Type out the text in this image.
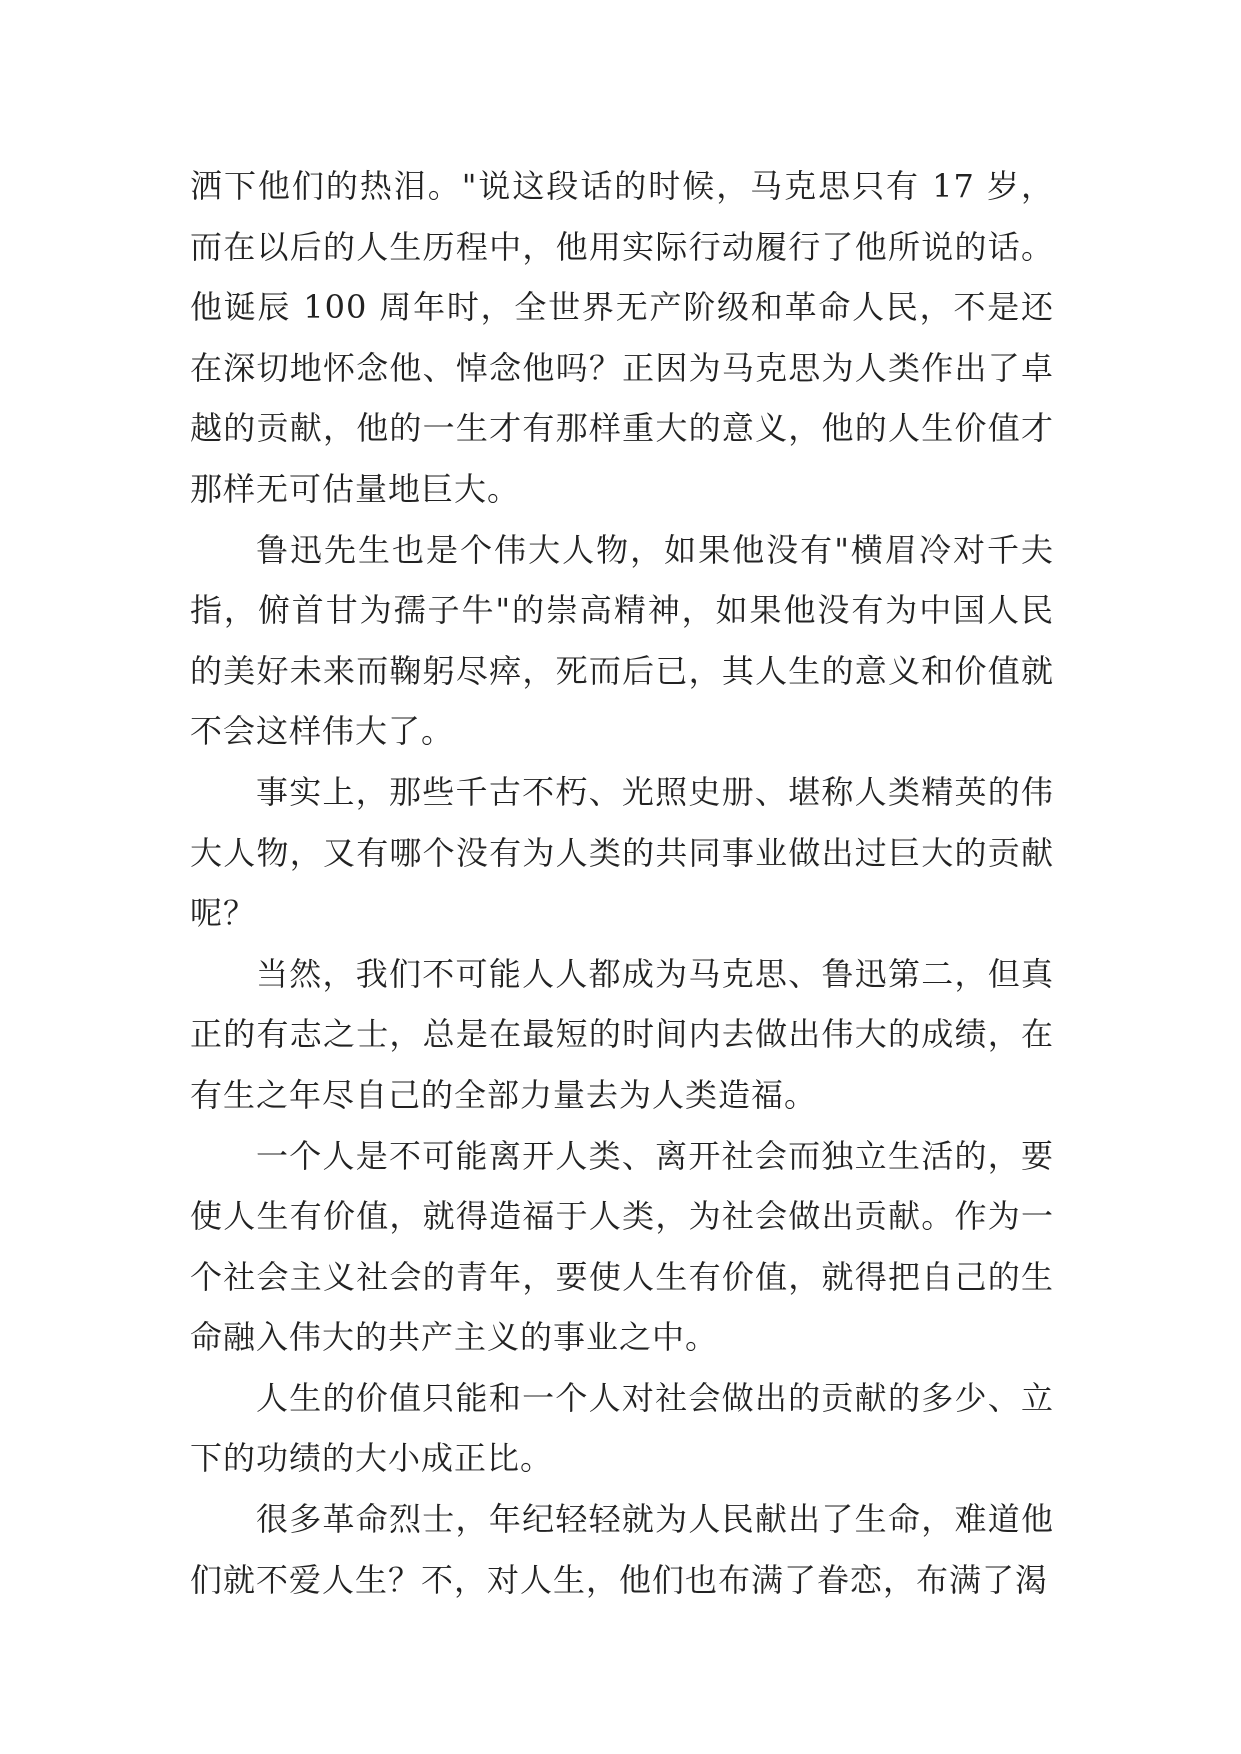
洒下他们的热泪。"说这段话的时候，马克思只有 17 岁，而在以后的人生历程中，他用实际行动履行了他所说的话。他诞辰 100 周年时，全世界无产阶级和革命人民，不是还在深切地怀念他、悼念他吗？正因为马克思为人类作出了卓越的贡献，他的一生才有那样重大的意义，他的人生价值才那样无可估量地巨大。

鲁迅先生也是个伟大人物，如果他没有"横眉冷对千夫指，俯首甘为孺子牛"的崇高精神，如果他没有为中国人民的美好未来而鞠躬尽瘁，死而后已，其人生的意义和价值就不会这样伟大了。

事实上，那些千古不朽、光照史册、堪称人类精英的伟大人物，又有哪个没有为人类的共同事业做出过巨大的贡献呢？

当然，我们不可能人人都成为马克思、鲁迅第二，但真正的有志之士，总是在最短的时间内去做出伟大的成绩，在有生之年尽自己的全部力量去为人类造福。

一个人是不可能离开人类、离开社会而独立生活的，要使人生有价值，就得造福于人类，为社会做出贡献。作为一个社会主义社会的青年，要使人生有价值，就得把自己的生命融入伟大的共产主义的事业之中。

人生的价值只能和一个人对社会做出的贡献的多少、立下的功绩的大小成正比。

很多革命烈士，年纪轻轻就为人民献出了生命，难道他们就不爱人生？不，对人生，他们也布满了眷恋，布满了渴
